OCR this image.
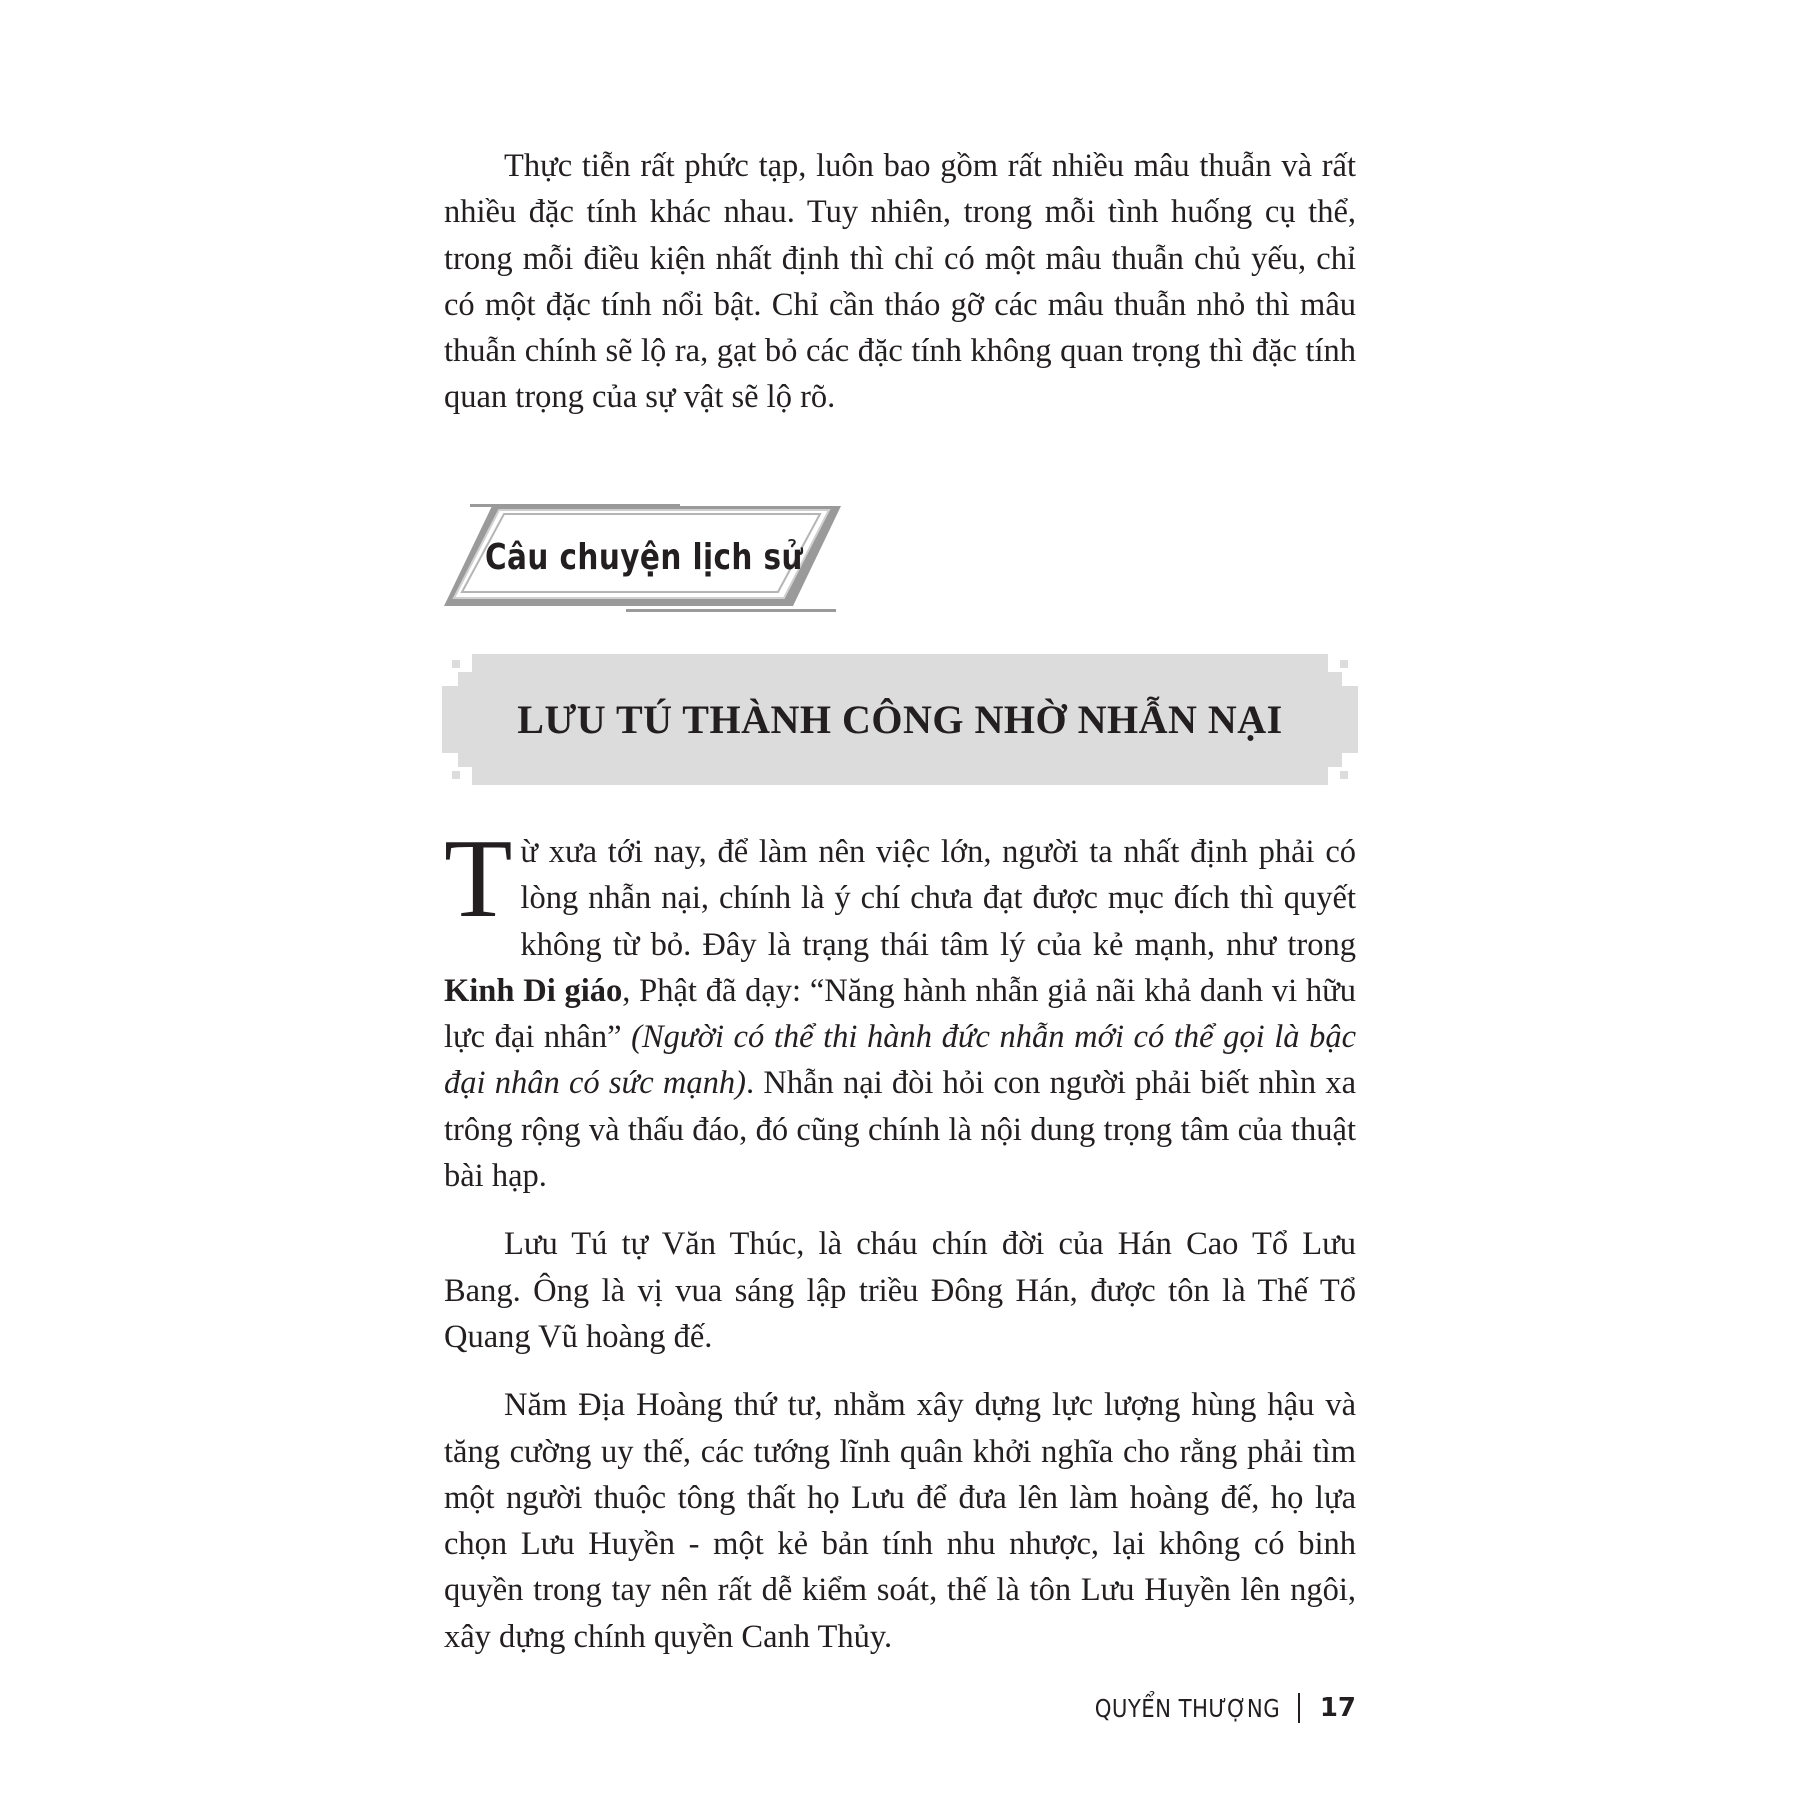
Thực tiễn rất phức tạp, luôn bao gồm rất nhiều mâu thuẫn và rất nhiều đặc tính khác nhau. Tuy nhiên, trong mỗi tình huống cụ thể, trong mỗi điều kiện nhất định thì chỉ có một mâu thuẫn chủ yếu, chỉ có một đặc tính nổi bật. Chỉ cần tháo gỡ các mâu thuẫn nhỏ thì mâu thuẫn chính sẽ lộ ra, gạt bỏ các đặc tính không quan trọng thì đặc tính quan trọng của sự vật sẽ lộ rõ.

Câu chuyện lịch sử
LƯU TÚ THÀNH CÔNG NHỜ NHẪN NẠI

Từ xưa tới nay, để làm nên việc lớn, người ta nhất định phải có lòng nhẫn nại, chính là ý chí chưa đạt được mục đích thì quyết không từ bỏ. Đây là trạng thái tâm lý của kẻ mạnh, như trong Kinh Di giáo, Phật đã dạy: “Năng hành nhẫn giả nãi khả danh vi hữu lực đại nhân” (Người có thể thi hành đức nhẫn mới có thể gọi là bậc đại nhân có sức mạnh). Nhẫn nại đòi hỏi con người phải biết nhìn xa trông rộng và thấu đáo, đó cũng chính là nội dung trọng tâm của thuật bài hạp.

Lưu Tú tự Văn Thúc, là cháu chín đời của Hán Cao Tổ Lưu Bang. Ông là vị vua sáng lập triều Đông Hán, được tôn là Thế Tổ Quang Vũ hoàng đế.

Năm Địa Hoàng thứ tư, nhằm xây dựng lực lượng hùng hậu và tăng cường uy thế, các tướng lĩnh quân khởi nghĩa cho rằng phải tìm một người thuộc tông thất họ Lưu để đưa lên làm hoàng đế, họ lựa chọn Lưu Huyền - một kẻ bản tính nhu nhược, lại không có binh quyền trong tay nên rất dễ kiểm soát, thế là tôn Lưu Huyền lên ngôi, xây dựng chính quyền Canh Thủy.

QUYỂN THƯỢNG 17
